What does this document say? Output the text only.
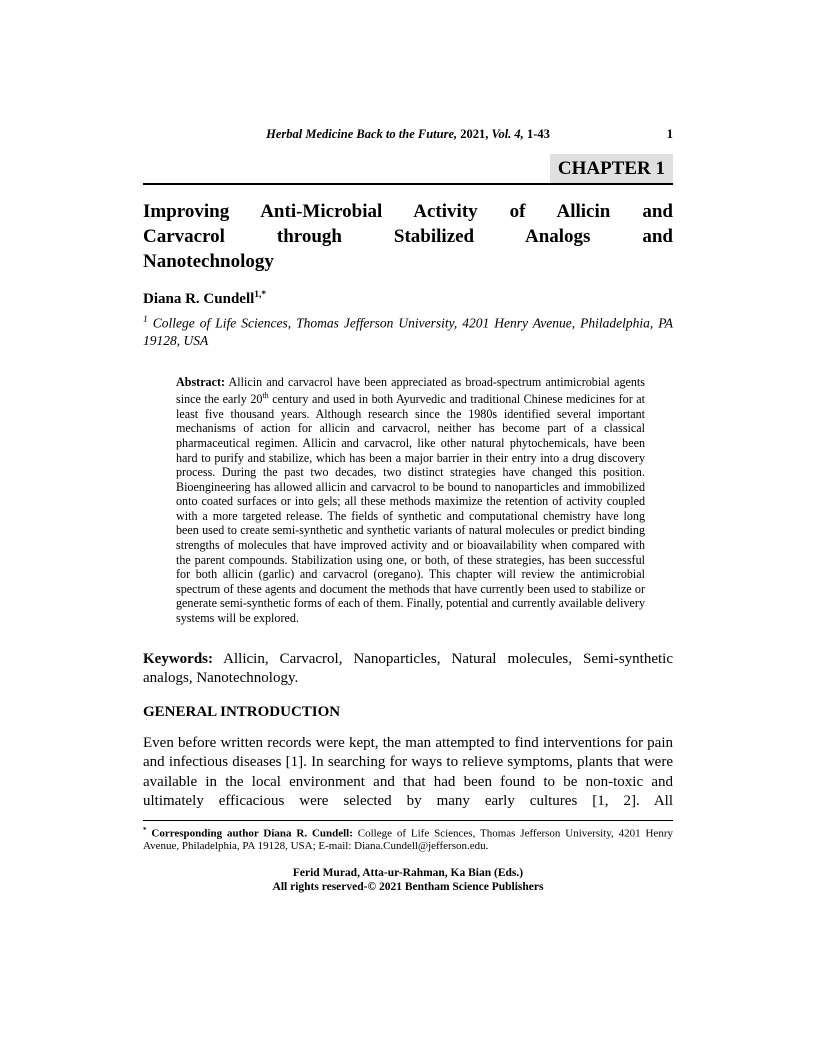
Herbal Medicine Back to the Future, 2021, Vol. 4, 1-43	1
CHAPTER 1
Improving Anti-Microbial Activity of Allicin and
Carvacrol through Stabilized Analogs and
Nanotechnology
Diana R. Cundell$^{1,*}$
$^1$ College of Life Sciences, Thomas Jefferson University, 4201 Henry Avenue, Philadelphia, PA 19128, USA
Abstract: Allicin and carvacrol have been appreciated as broad-spectrum antimicrobial agents since the early 20th century and used in both Ayurvedic and traditional Chinese medicines for at least five thousand years. Although research since the 1980s identified several important mechanisms of action for allicin and carvacrol, neither has become part of a classical pharmaceutical regimen. Allicin and carvacrol, like other natural phytochemicals, have been hard to purify and stabilize, which has been a major barrier in their entry into a drug discovery process. During the past two decades, two distinct strategies have changed this position. Bioengineering has allowed allicin and carvacrol to be bound to nanoparticles and immobilized onto coated surfaces or into gels; all these methods maximize the retention of activity coupled with a more targeted release. The fields of synthetic and computational chemistry have long been used to create semi-synthetic and synthetic variants of natural molecules or predict binding strengths of molecules that have improved activity and or bioavailability when compared with the parent compounds. Stabilization using one, or both, of these strategies, has been successful for both allicin (garlic) and carvacrol (oregano). This chapter will review the antimicrobial spectrum of these agents and document the methods that have currently been used to stabilize or generate semi-synthetic forms of each of them. Finally, potential and currently available delivery systems will be explored.
Keywords: Allicin, Carvacrol, Nanoparticles, Natural molecules, Semi-synthetic analogs, Nanotechnology.
GENERAL INTRODUCTION
Even before written records were kept, the man attempted to find interventions for pain and infectious diseases [1]. In searching for ways to relieve symptoms, plants that were available in the local environment and that had been found to be non-toxic and ultimately efficacious were selected by many early cultures [1, 2]. All
* Corresponding author Diana R. Cundell: College of Life Sciences, Thomas Jefferson University, 4201 Henry Avenue, Philadelphia, PA 19128, USA; E-mail: Diana.Cundell@jefferson.edu.
Ferid Murad, Atta-ur-Rahman, Ka Bian (Eds.)
All rights reserved-© 2021 Bentham Science Publishers
